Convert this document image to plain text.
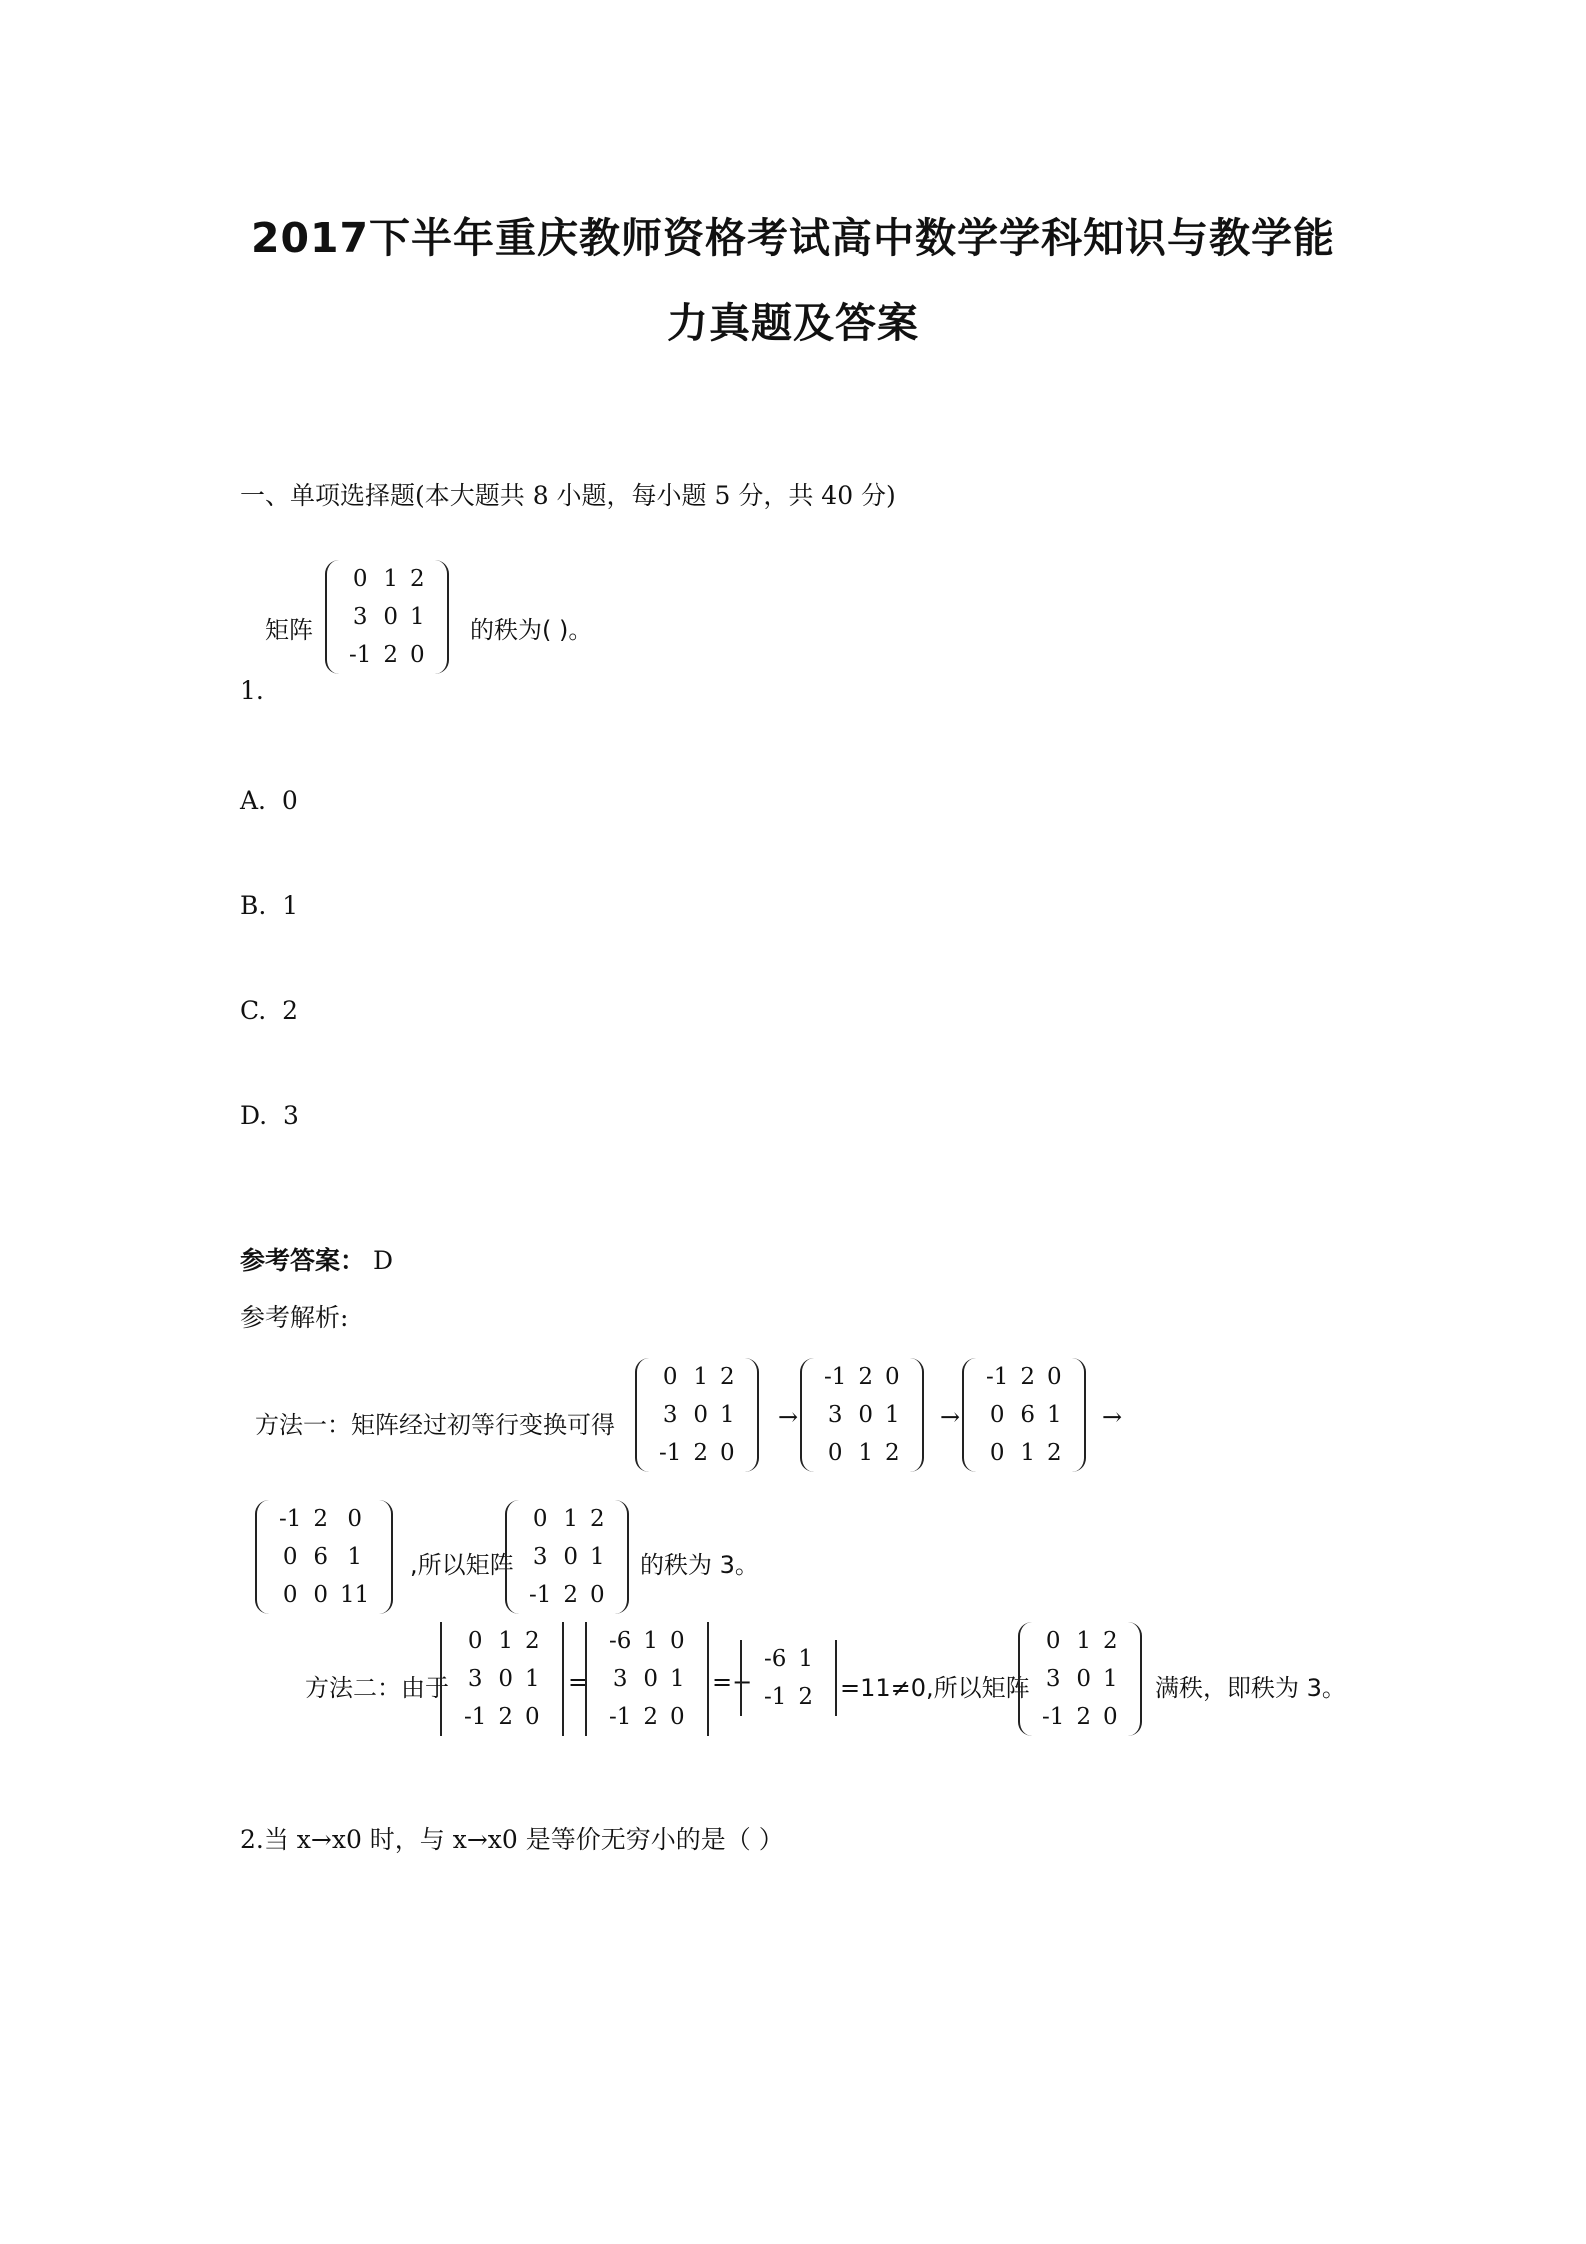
2017下半年重庆教师资格考试高中数学学科知识与教学能
力真题及答案
一、单项选择题(本大题共 8 小题，每小题 5 分，共 40 分)
矩阵
0	1	2
3	0	1
-1	2	0
的秩为( )。
1.
A. 0
B. 1
C. 2
D. 3
参考答案： D
参考解析:
方法一：矩阵经过初等行变换可得
0	1	2
3	0	1
-1	2	0
→
-1	2	0
3	0	1
0	1	2
→
-1	2	0
0	6	1
0	1	2
→
-1	2	0
0	6	1
0	0	11
,所以矩阵
0	1	2
3	0	1
-1	2	0
的秩为 3。
方法二：由于
0	1	2
3	0	1
-1	2	0
=
-6	1	0
3	0	1
-1	2	0
=−
-6	1
-1	2 =11≠0,所以矩阵
0	1	2
3	0	1
-1	2	0
满秩，即秩为 3。
2.当 x→x0 时，与 x→x0 是等价无穷小的是（ ）
